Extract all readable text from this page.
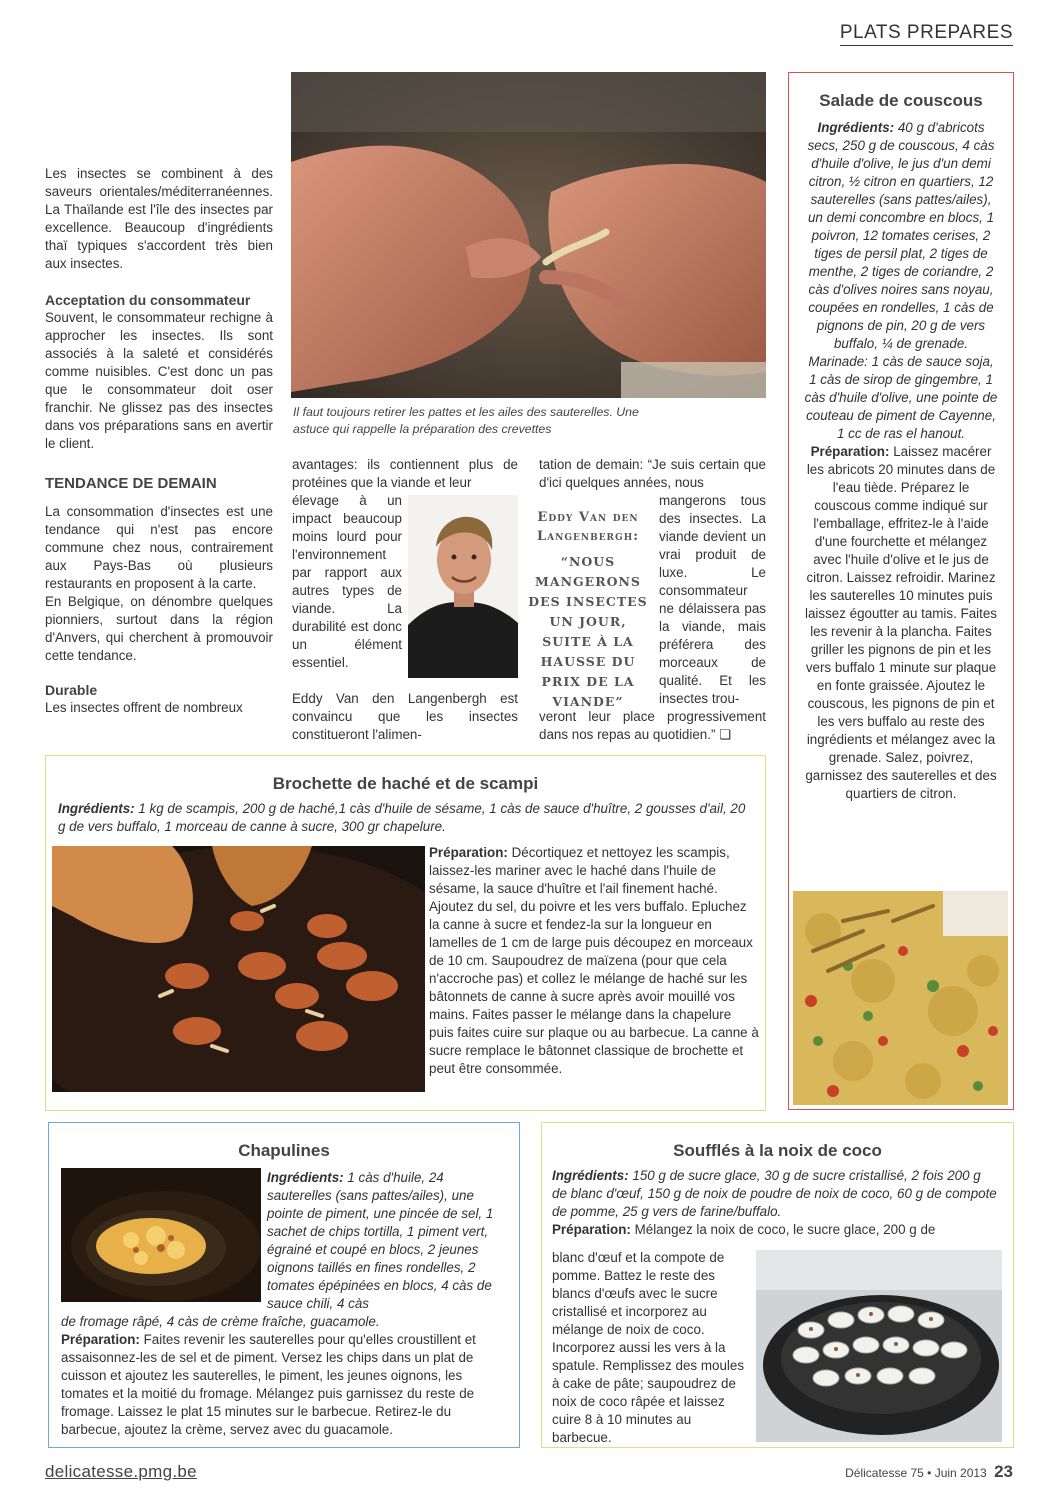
PLATS PREPARES

Les insectes se combinent à des saveurs orientales/méditerranéennes. La Thaïlande est l'île des insectes par excellence. Beaucoup d'ingrédients thaï typiques s'accordent très bien aux insectes.

Acceptation du consommateur

Souvent, le consommateur rechigne à approcher les insectes. Ils sont associés à la saleté et considérés comme nuisibles. C'est donc un pas que le consommateur doit oser franchir. Ne glissez pas des insectes dans vos préparations sans en avertir le client.

TENDANCE DE DEMAIN

La consommation d'insectes est une tendance qui n'est pas encore commune chez nous, contrairement aux Pays-Bas où plusieurs restaurants en proposent à la carte.

En Belgique, on dénombre quelques pionniers, surtout dans la région d'Anvers, qui cherchent à promouvoir cette tendance.

Durable

Les insectes offrent de nombreux

Il faut toujours retirer les pattes et les ailes des sauterelles. Une astuce qui rappelle la préparation des crevettes
avantages: ils contiennent plus de protéines que la viande et leur
élevage à un impact beaucoup moins lourd pour l'environnement par rapport aux autres types de viande. La durabilité est donc un élément essentiel.
Eddy Van den Langenbergh est convaincu que les insectes constitueront l'alimen-
Eddy Van den Langenbergh:
“NOUS MANGERONS DES INSECTES UN JOUR, SUITE À LA HAUSSE DU PRIX DE LA VIANDE”
tation de demain: “Je suis certain que d'ici quelques années, nous
mangerons tous des insectes. La viande devient un vrai produit de luxe. Le consommateur ne délaissera pas la viande, mais préférera des morceaux de qualité. Et les insectes trou-
veront leur place progressivement dans nos repas au quotidien.” ❏
Salade de couscous
Ingrédients: 40 g d'abricots secs, 250 g de couscous, 4 càs d'huile d'olive, le jus d'un demi citron, ½ citron en quartiers, 12 sauterelles (sans pattes/ailes), un demi concombre en blocs, 1 poivron, 12 tomates cerises, 2 tiges de persil plat, 2 tiges de menthe, 2 tiges de coriandre, 2 càs d'olives noires sans noyau, coupées en rondelles, 1 càs de pignons de pin, 20 g de vers buffalo, ¼ de grenade. Marinade: 1 càs de sauce soja, 1 càs de sirop de gingembre, 1 càs d'huile d'olive, une pointe de couteau de piment de Cayenne, 1 cc de ras el hanout.
Préparation: Laissez macérer les abricots 20 minutes dans de l'eau tiède. Préparez le couscous comme indiqué sur l'emballage, effritez-le à l'aide d'une fourchette et mélangez avec l'huile d'olive et le jus de citron. Laissez refroidir. Marinez les sauterelles 10 minutes puis laissez égoutter au tamis. Faites les revenir à la plancha. Faites griller les pignons de pin et les vers buffalo 1 minute sur plaque en fonte graissée. Ajoutez le couscous, les pignons de pin et les vers buffalo au reste des ingrédients et mélangez avec la grenade. Salez, poivrez, garnissez des sauterelles et des quartiers de citron.
Brochette de haché et de scampi
Ingrédients: 1 kg de scampis, 200 g de haché,1 càs d'huile de sésame, 1 càs de sauce d'huître, 2 gousses d'ail, 20 g de vers buffalo, 1 morceau de canne à sucre, 300 gr chapelure.
Préparation: Décortiquez et nettoyez les scampis, laissez-les mariner avec le haché dans l'huile de sésame, la sauce d'huître et l'ail finement haché. Ajoutez du sel, du poivre et les vers buffalo. Epluchez la canne à sucre et fendez-la sur la longueur en lamelles de 1 cm de large puis découpez en morceaux de 10 cm. Saupoudrez de maïzena (pour que cela n'accroche pas) et collez le mélange de haché sur les bâtonnets de canne à sucre après avoir mouillé vos mains. Faites passer le mélange dans la chapelure puis faites cuire sur plaque ou au barbecue. La canne à sucre remplace le bâtonnet classique de brochette et peut être consommée.
Chapulines
Ingrédients: 1 càs d'huile, 24 sauterelles (sans pattes/ailes), une pointe de piment, une pincée de sel, 1 sachet de chips tortilla, 1 piment vert, égrainé et coupé en blocs, 2 jeunes oignons taillés en fines rondelles, 2 tomates épépinées en blocs, 4 càs de sauce chili, 4 càs
de fromage râpé, 4 càs de crème fraîche, guacamole.
Préparation: Faites revenir les sauterelles pour qu'elles croustillent et assaisonnez-les de sel et de piment. Versez les chips dans un plat de cuisson et ajoutez les sauterelles, le piment, les jeunes oignons, les tomates et la moitié du fromage. Mélangez puis garnissez du reste de fromage. Laissez le plat 15 minutes sur le barbecue. Retirez-le du barbecue, ajoutez la crème, servez avec du guacamole.
Soufflés à la noix de coco
Ingrédients: 150 g de sucre glace, 30 g de sucre cristallisé, 2 fois 200 g de blanc d'œuf, 150 g de noix de poudre de noix de coco, 60 g de compote de pomme, 25 g vers de farine/buffalo.
Préparation: Mélangez la noix de coco, le sucre glace, 200 g de
blanc d'œuf et la compote de pomme. Battez le reste des blancs d'œufs avec le sucre cristallisé et incorporez au mélange de noix de coco. Incorporez aussi les vers à la spatule. Remplissez des moules à cake de pâte; saupoudrez de noix de coco râpée et laissez cuire 8 à 10 minutes au barbecue.
delicatesse.pmg.be	Délicatesse 75 • Juin 2013 23
